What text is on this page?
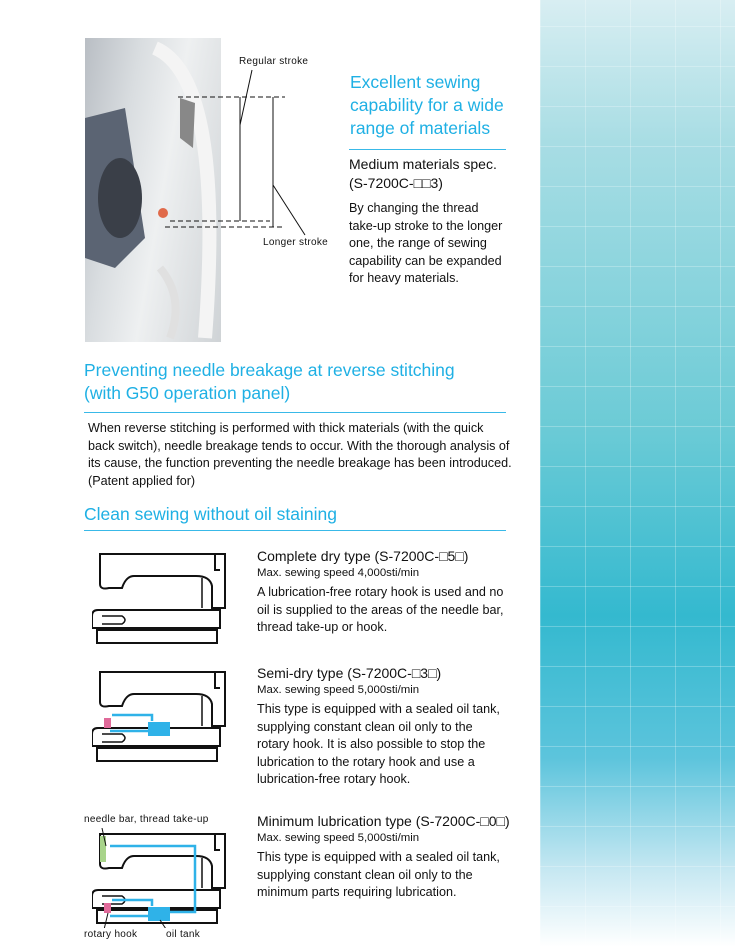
Regular stroke
Longer stroke
Excellent sewing
capability for a wide
range of materials
Medium materials spec.
(S-7200C-□□3)
By changing the thread take-up stroke to the longer one, the range of sewing capability can be expanded for heavy materials.
Preventing needle breakage at reverse stitching
(with G50 operation panel)
When reverse stitching is performed with thick materials (with the quick back switch), needle breakage tends to occur. With the thorough analysis of its cause, the function preventing the needle breakage has been introduced. (Patent applied for)
Clean sewing without oil staining
needle bar, thread take-up
rotary hook	oil tank
Complete dry type (S-7200C-□5□)
Max. sewing speed 4,000sti/min
A lubrication-free rotary hook is used and no oil is supplied to the areas of the needle bar, thread take-up or hook.
Semi-dry type (S-7200C-□3□)
Max. sewing speed 5,000sti/min
This type is equipped with a sealed oil tank, supplying constant clean oil only to the rotary hook. It is also possible to stop the lubrication to the rotary hook and use a lubrication-free rotary hook.
Minimum lubrication type (S-7200C-□0□)
Max. sewing speed 5,000sti/min
This type is equipped with a sealed oil tank, supplying constant clean oil only to the minimum parts requiring lubrication.
